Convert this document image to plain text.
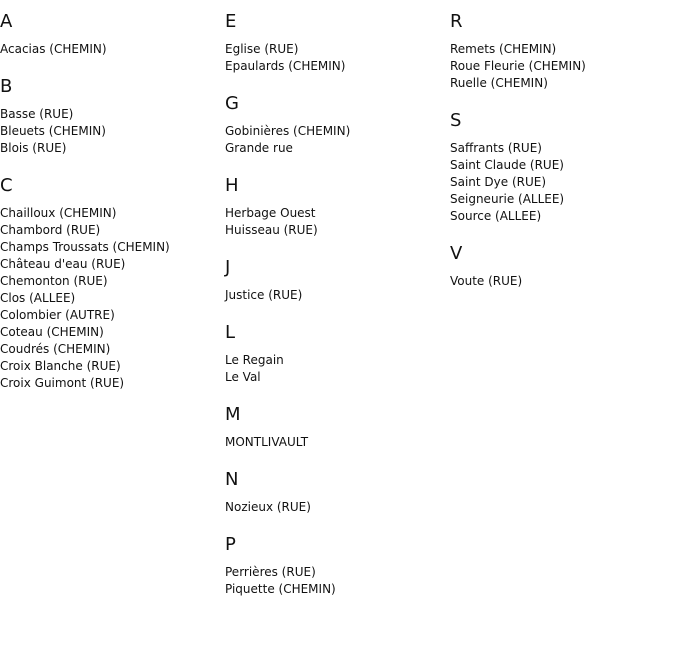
A
Acacias (CHEMIN)
B
Basse (RUE)
Bleuets (CHEMIN)
Blois (RUE)
C
Chailloux (CHEMIN)
Chambord (RUE)
Champs Troussats (CHEMIN)
Château d'eau (RUE)
Chemonton (RUE)
Clos (ALLEE)
Colombier (AUTRE)
Coteau (CHEMIN)
Coudrés (CHEMIN)
Croix Blanche (RUE)
Croix Guimont (RUE)
E
Eglise (RUE)
Epaulards (CHEMIN)
G
Gobinières (CHEMIN)
Grande rue
H
Herbage Ouest
Huisseau (RUE)
J
Justice (RUE)
L
Le Regain
Le Val
M
MONTLIVAULT
N
Nozieux (RUE)
P
Perrières (RUE)
Piquette (CHEMIN)
R
Remets (CHEMIN)
Roue Fleurie (CHEMIN)
Ruelle (CHEMIN)
S
Saffrants (RUE)
Saint Claude (RUE)
Saint Dye (RUE)
Seigneurie (ALLEE)
Source (ALLEE)
V
Voute (RUE)
